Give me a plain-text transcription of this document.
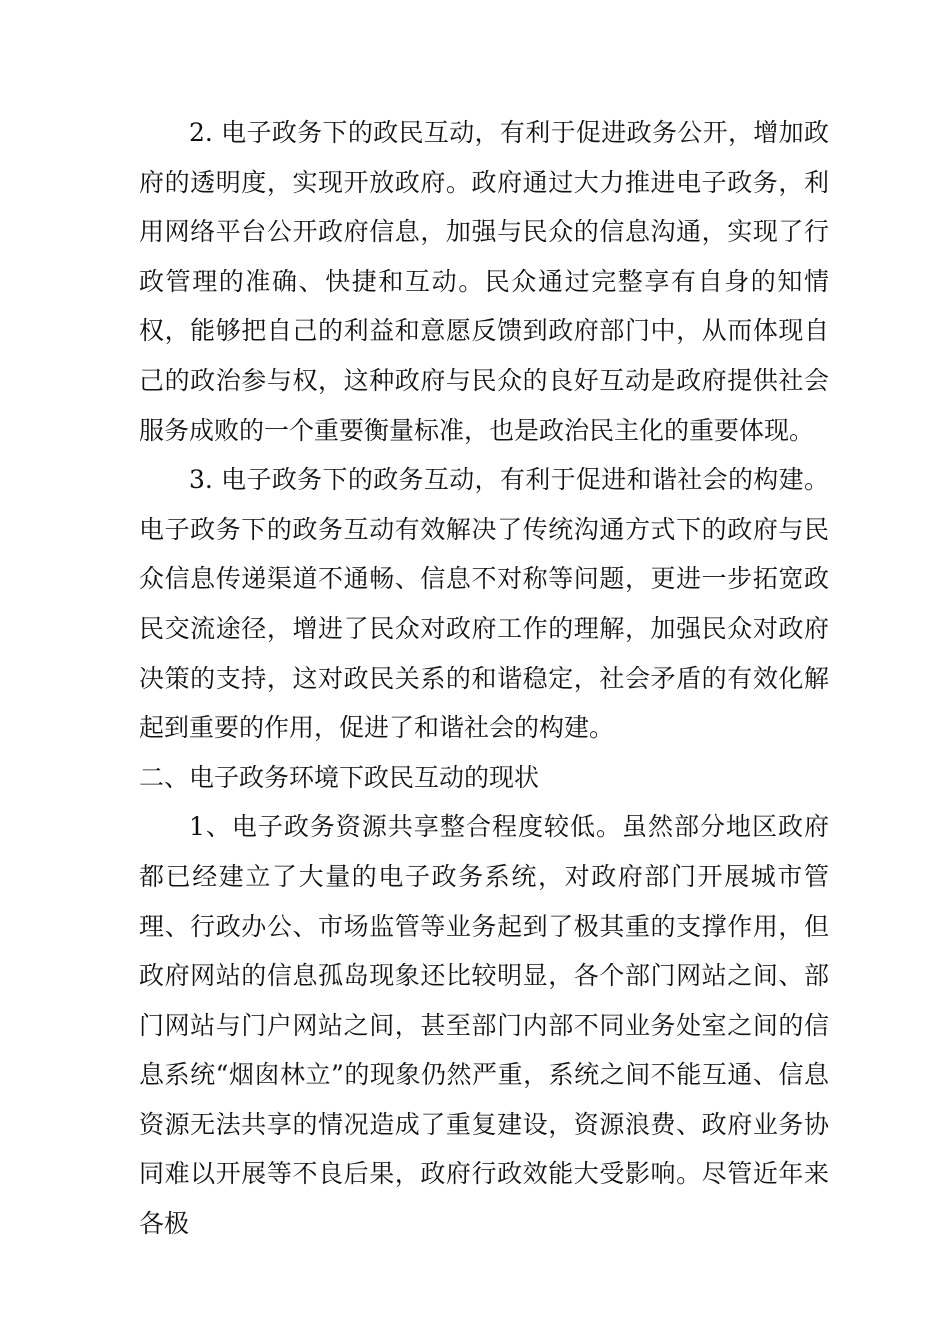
2. 电子政务下的政民互动，有利于促进政务公开，增加政府的透明度，实现开放政府。政府通过大力推进电子政务，利用网络平台公开政府信息，加强与民众的信息沟通，实现了行政管理的准确、快捷和互动。民众通过完整享有自身的知情权，能够把自己的利益和意愿反馈到政府部门中，从而体现自己的政治参与权，这种政府与民众的良好互动是政府提供社会服务成败的一个重要衡量标准，也是政治民主化的重要体现。

3. 电子政务下的政务互动，有利于促进和谐社会的构建。电子政务下的政务互动有效解决了传统沟通方式下的政府与民众信息传递渠道不通畅、信息不对称等问题，更进一步拓宽政民交流途径，增进了民众对政府工作的理解，加强民众对政府决策的支持，这对政民关系的和谐稳定，社会矛盾的有效化解起到重要的作用，促进了和谐社会的构建。

二、电子政务环境下政民互动的现状

1、电子政务资源共享整合程度较低。虽然部分地区政府都已经建立了大量的电子政务系统，对政府部门开展城市管理、行政办公、市场监管等业务起到了极其重的支撑作用，但政府网站的信息孤岛现象还比较明显，各个部门网站之间、部门网站与门户网站之间，甚至部门内部不同业务处室之间的信息系统“烟囱林立”的现象仍然严重，系统之间不能互通、信息资源无法共享的情况造成了重复建设，资源浪费、政府业务协同难以开展等不良后果，政府行政效能大受影响。尽管近年来各极
